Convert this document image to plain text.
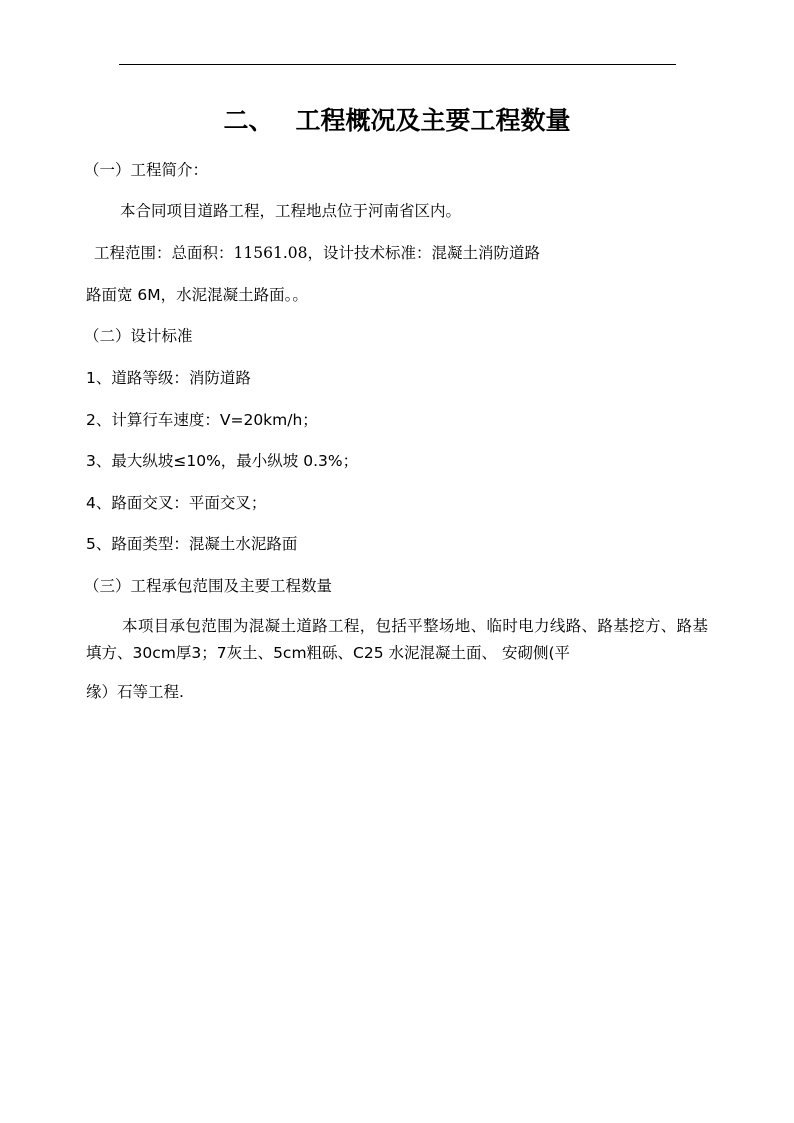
二、 工程概况及主要工程数量
（一）工程简介：
本合同项目道路工程，工程地点位于河南省区内。
工程范围：总面积：11561.08，设计技术标准：混凝土消防道路
路面宽 6M，水泥混凝土路面。。
（二）设计标准
1、道路等级：消防道路
2、计算行车速度：V=20km/h；
3、最大纵坡≤10%，最小纵坡 0.3%；
4、路面交叉：平面交叉；
5、路面类型：混凝土水泥路面
（三）工程承包范围及主要工程数量
本项目承包范围为混凝土道路工程，包括平整场地、临时电力线路、路基挖方、路基填方、30cm厚3；7灰土、5cm粗砾、C25 水泥混凝土面、 安砌侧(平
缘）石等工程.
